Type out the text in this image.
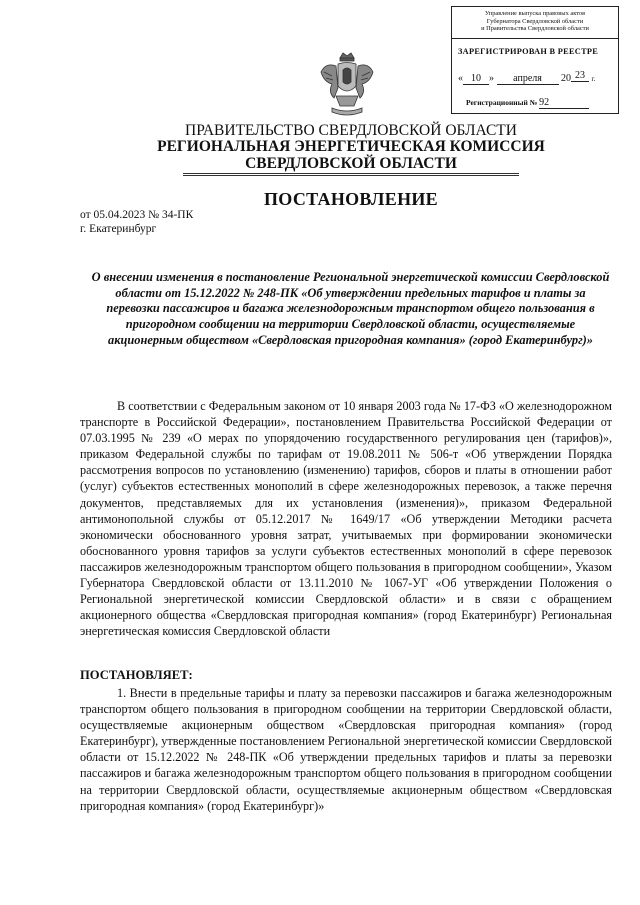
Управление выпуска правовых актов
Губернатора Свердловской области
и Правительства Свердловской области
ЗАРЕГИСТРИРОВАН В РЕЕСТРЕ
« 10 » апреля 20 23 г.
Регистрационный № 92
ПРАВИТЕЛЬСТВО СВЕРДЛОВСКОЙ ОБЛАСТИ
РЕГИОНАЛЬНАЯ ЭНЕРГЕТИЧЕСКАЯ КОМИССИЯ
СВЕРДЛОВСКОЙ ОБЛАСТИ
ПОСТАНОВЛЕНИЕ
от 05.04.2023 № 34-ПК
г. Екатеринбург
О внесении изменения в постановление Региональной энергетической комиссии Свердловской области от 15.12.2022 № 248-ПК «Об утверждении предельных тарифов и платы за перевозки пассажиров и багажа железнодорожным транспортом общего пользования в пригородном сообщении на территории Свердловской области, осуществляемые акционерным обществом «Свердловская пригородная компания» (город Екатеринбург)»
В соответствии с Федеральным законом от 10 января 2003 года № 17-ФЗ «О железнодорожном транспорте в Российской Федерации», постановлением Правительства Российской Федерации от 07.03.1995 № 239 «О мерах по упорядочению государственного регулирования цен (тарифов)», приказом Федеральной службы по тарифам от 19.08.2011 № 506-т «Об утверждении Порядка рассмотрения вопросов по установлению (изменению) тарифов, сборов и платы в отношении работ (услуг) субъектов естественных монополий в сфере железнодорожных перевозок, а также перечня документов, представляемых для их установления (изменения)», приказом Федеральной антимонопольной службы от 05.12.2017 № 1649/17 «Об утверждении Методики расчета экономически обоснованного уровня затрат, учитываемых при формировании экономически обоснованного уровня тарифов за услуги субъектов естественных монополий в сфере перевозок пассажиров железнодорожным транспортом общего пользования в пригородном сообщении», Указом Губернатора Свердловской области от 13.11.2010 № 1067-УГ «Об утверждении Положения о Региональной энергетической комиссии Свердловской области» и в связи с обращением акционерного общества «Свердловская пригородная компания» (город Екатеринбург) Региональная энергетическая комиссия Свердловской области
ПОСТАНОВЛЯЕТ:
1. Внести в предельные тарифы и плату за перевозки пассажиров и багажа железнодорожным транспортом общего пользования в пригородном сообщении на территории Свердловской области, осуществляемые акционерным обществом «Свердловская пригородная компания» (город Екатеринбург), утвержденные постановлением Региональной энергетической комиссии Свердловской области от 15.12.2022 № 248-ПК «Об утверждении предельных тарифов и платы за перевозки пассажиров и багажа железнодорожным транспортом общего пользования в пригородном сообщении на территории Свердловской области, осуществляемые акционерным обществом «Свердловская пригородная компания» (город Екатеринбург)»
